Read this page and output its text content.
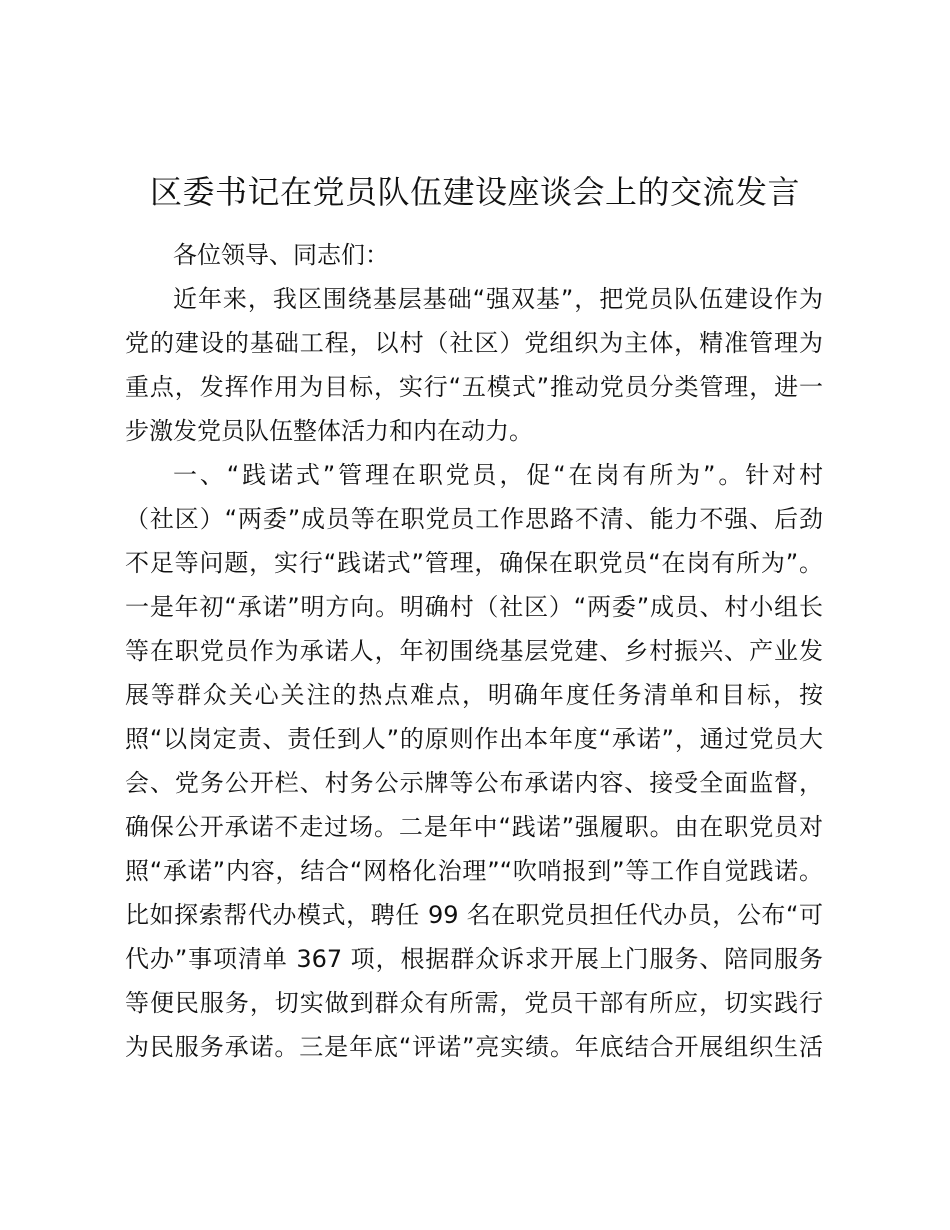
区委书记在党员队伍建设座谈会上的交流发言

各位领导、同志们：

近年来，我区围绕基层基础“强双基”，把党员队伍建设作为

党的建设的基础工程，以村（社区）党组织为主体，精准管理为

重点，发挥作用为目标，实行“五模式”推动党员分类管理，进一

步激发党员队伍整体活力和内在动力。

一、“践诺式”管理在职党员，促“在岗有所为”。针对村

（社区）“两委”成员等在职党员工作思路不清、能力不强、后劲

不足等问题，实行“践诺式”管理，确保在职党员“在岗有所为”。

一是年初“承诺”明方向。明确村（社区）“两委”成员、村小组长

等在职党员作为承诺人，年初围绕基层党建、乡村振兴、产业发

展等群众关心关注的热点难点，明确年度任务清单和目标，按

照“以岗定责、责任到人”的原则作出本年度“承诺”，通过党员大

会、党务公开栏、村务公示牌等公布承诺内容、接受全面监督，

确保公开承诺不走过场。二是年中“践诺”强履职。由在职党员对

照“承诺”内容，结合“网格化治理”“吹哨报到”等工作自觉践诺。

比如探索帮代办模式，聘任 99 名在职党员担任代办员，公布“可

代办”事项清单 367 项，根据群众诉求开展上门服务、陪同服务

等便民服务，切实做到群众有所需，党员干部有所应，切实践行

为民服务承诺。三是年底“评诺”亮实绩。年底结合开展组织生活
